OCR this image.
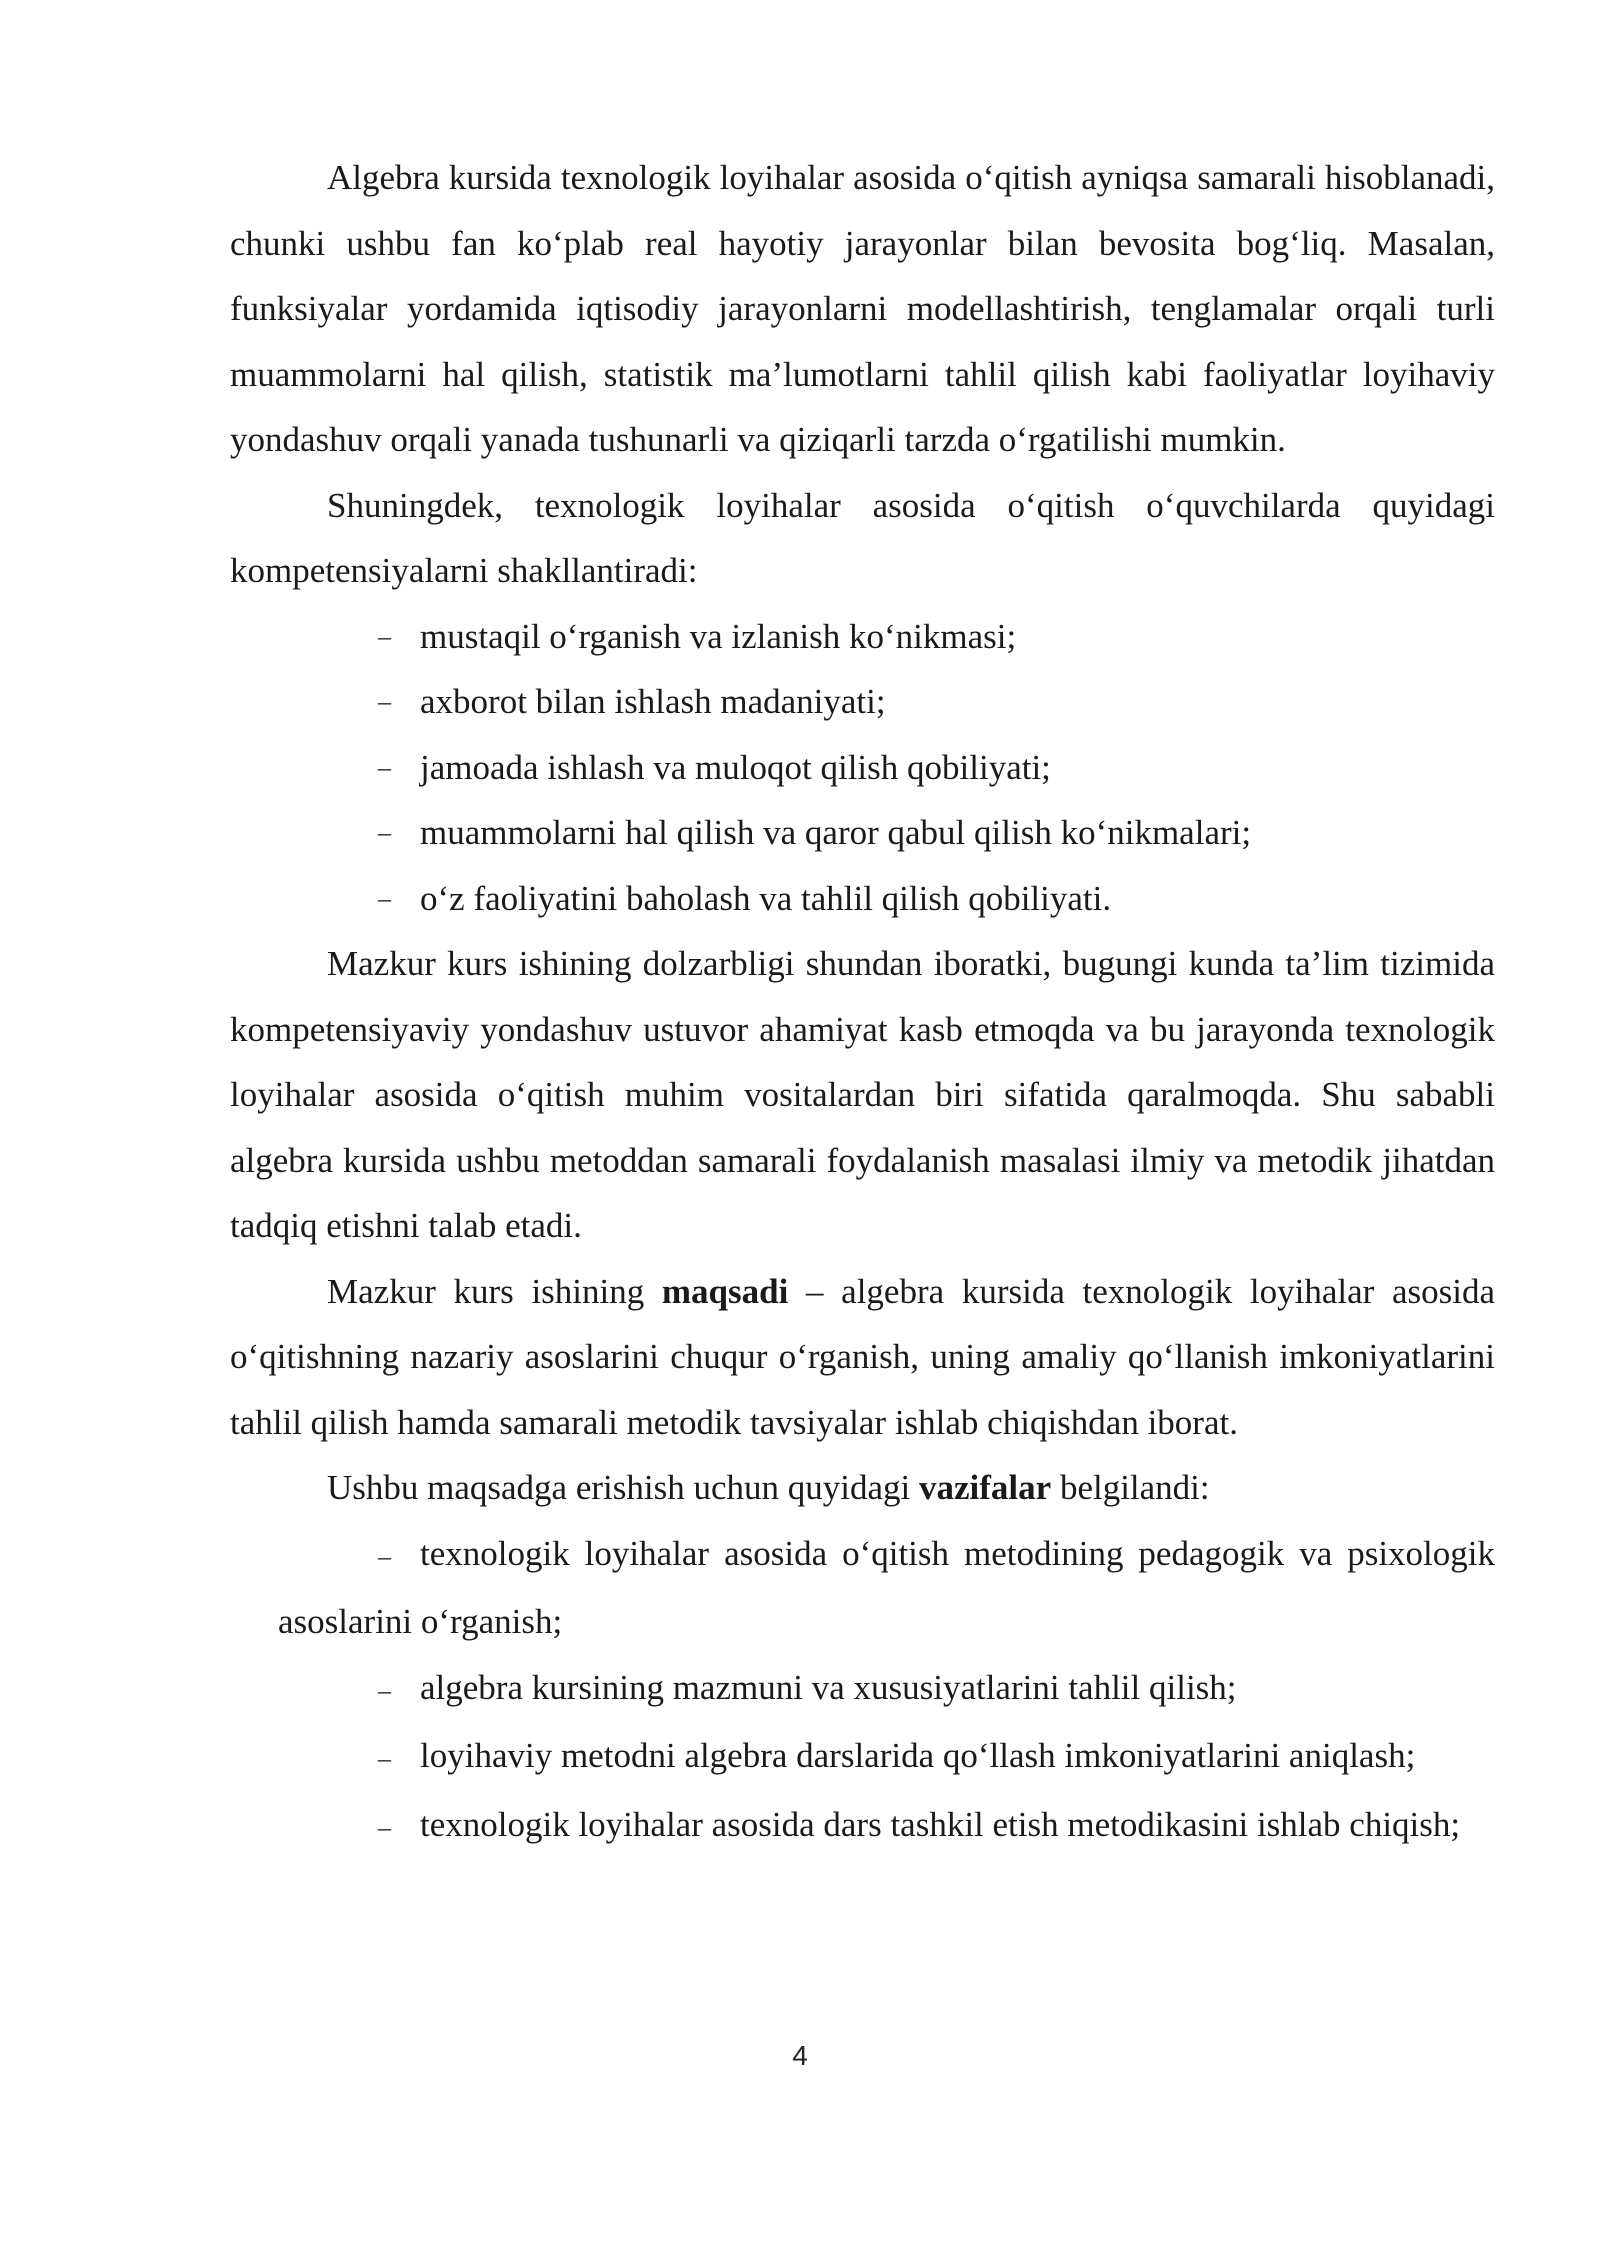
Algebra kursida texnologik loyihalar asosida o‘qitish ayniqsa samarali hisoblanadi, chunki ushbu fan ko‘plab real hayotiy jarayonlar bilan bevosita bog‘liq. Masalan, funksiyalar yordamida iqtisodiy jarayonlarni modellashtirish, tenglamalar orqali turli muammolarni hal qilish, statistik ma’lumotlarni tahlil qilish kabi faoliyatlar loyihaviy yondashuv orqali yanada tushunarli va qiziqarli tarzda o‘rgatilishi mumkin.

Shuningdek, texnologik loyihalar asosida o‘qitish o‘quvchilarda quyidagi kompetensiyalarni shakllantiradi:

– mustaqil o‘rganish va izlanish ko‘nikmasi;
– axborot bilan ishlash madaniyati;
– jamoada ishlash va muloqot qilish qobiliyati;
– muammolarni hal qilish va qaror qabul qilish ko‘nikmalari;
– o‘z faoliyatini baholash va tahlil qilish qobiliyati.

Mazkur kurs ishining dolzarbligi shundan iboratki, bugungi kunda ta’lim tizimida kompetensiyaviy yondashuv ustuvor ahamiyat kasb etmoqda va bu jarayonda texnologik loyihalar asosida o‘qitish muhim vositalardan biri sifatida qaralmoqda. Shu sababli algebra kursida ushbu metoddan samarali foydalanish masalasi ilmiy va metodik jihatdan tadqiq etishni talab etadi.

Mazkur kurs ishining maqsadi – algebra kursida texnologik loyihalar asosida o‘qitishning nazariy asoslarini chuqur o‘rganish, uning amaliy qo‘llanish imkoniyatlarini tahlil qilish hamda samarali metodik tavsiyalar ishlab chiqishdan iborat.

Ushbu maqsadga erishish uchun quyidagi vazifalar belgilandi:

– texnologik loyihalar asosida o‘qitish metodining pedagogik va psixologik asoslarini o‘rganish;
– algebra kursining mazmuni va xususiyatlarini tahlil qilish;
– loyihaviy metodni algebra darslarida qo‘llash imkoniyatlarini aniqlash;
– texnologik loyihalar asosida dars tashkil etish metodikasini ishlab chiqish;
4
